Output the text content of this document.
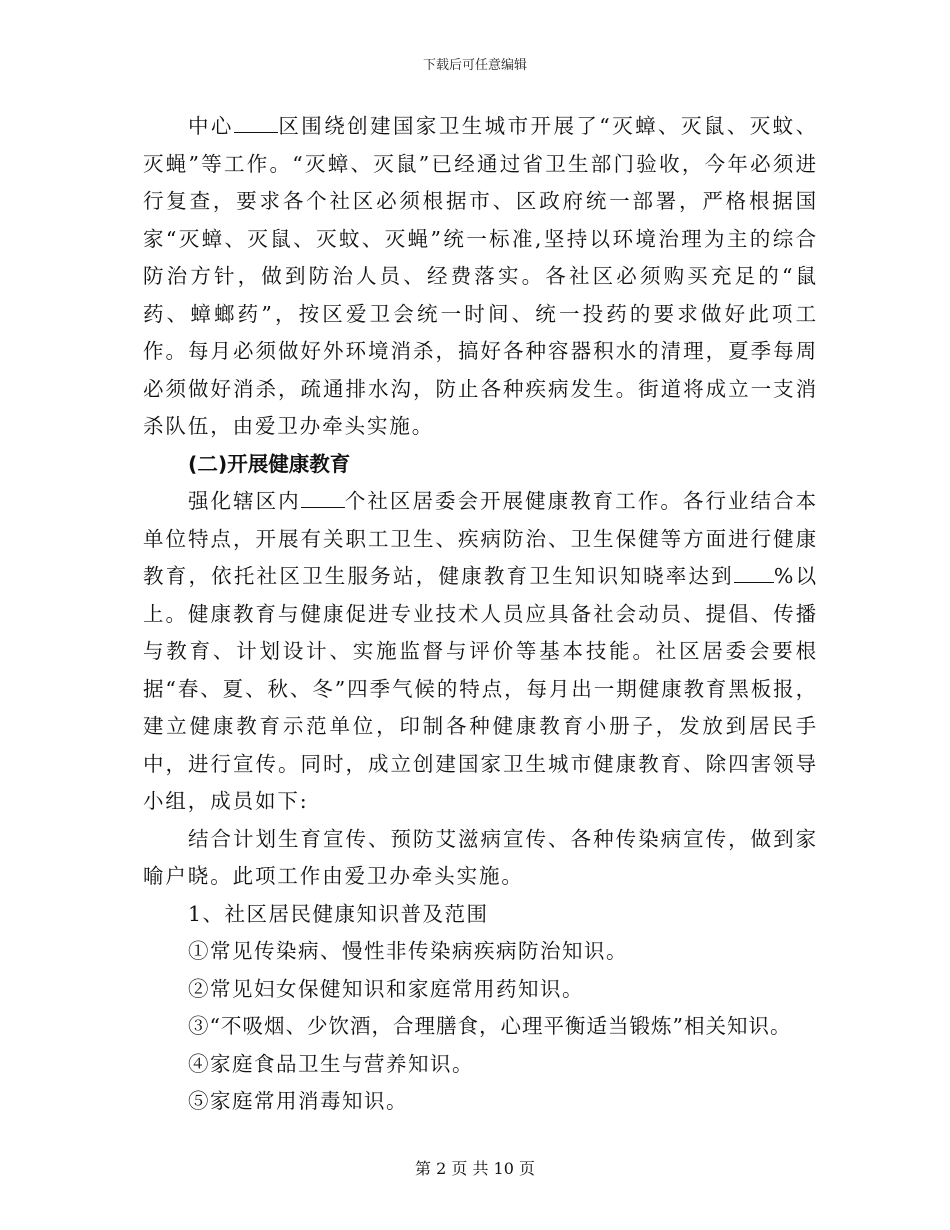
下载后可任意编辑

中心 区围绕创建国家卫生城市开展了“灭蟑、灭鼠、灭蚊、灭蝇”等工作。“灭蟑、灭鼠”已经通过省卫生部门验收，今年必须进行复查，要求各个社区必须根据市、区政府统一部署，严格根据国家“灭蟑、灭鼠、灭蚊、灭蝇”统一标准,坚持以环境治理为主的综合防治方针，做到防治人员、经费落实。各社区必须购买充足的“鼠药、蟑螂药”，按区爱卫会统一时间、统一投药的要求做好此项工作。每月必须做好外环境消杀，搞好各种容器积水的清理，夏季每周必须做好消杀，疏通排水沟，防止各种疾病发生。街道将成立一支消杀队伍，由爱卫办牵头实施。

(二)开展健康教育

强化辖区内 个社区居委会开展健康教育工作。各行业结合本单位特点，开展有关职工卫生、疾病防治、卫生保健等方面进行健康教育，依托社区卫生服务站，健康教育卫生知识知晓率达到 %以上。健康教育与健康促进专业技术人员应具备社会动员、提倡、传播与教育、计划设计、实施监督与评价等基本技能。社区居委会要根据“春、夏、秋、冬”四季气候的特点，每月出一期健康教育黑板报，建立健康教育示范单位，印制各种健康教育小册子，发放到居民手中，进行宣传。同时，成立创建国家卫生城市健康教育、除四害领导小组，成员如下:

结合计划生育宣传、预防艾滋病宣传、各种传染病宣传，做到家喻户晓。此项工作由爱卫办牵头实施。

1、社区居民健康知识普及范围

①常见传染病、慢性非传染病疾病防治知识。

②常见妇女保健知识和家庭常用药知识。

③“不吸烟、少饮酒，合理膳食，心理平衡适当锻炼”相关知识。

④家庭食品卫生与营养知识。

⑤家庭常用消毒知识。

第 2 页 共 10 页
